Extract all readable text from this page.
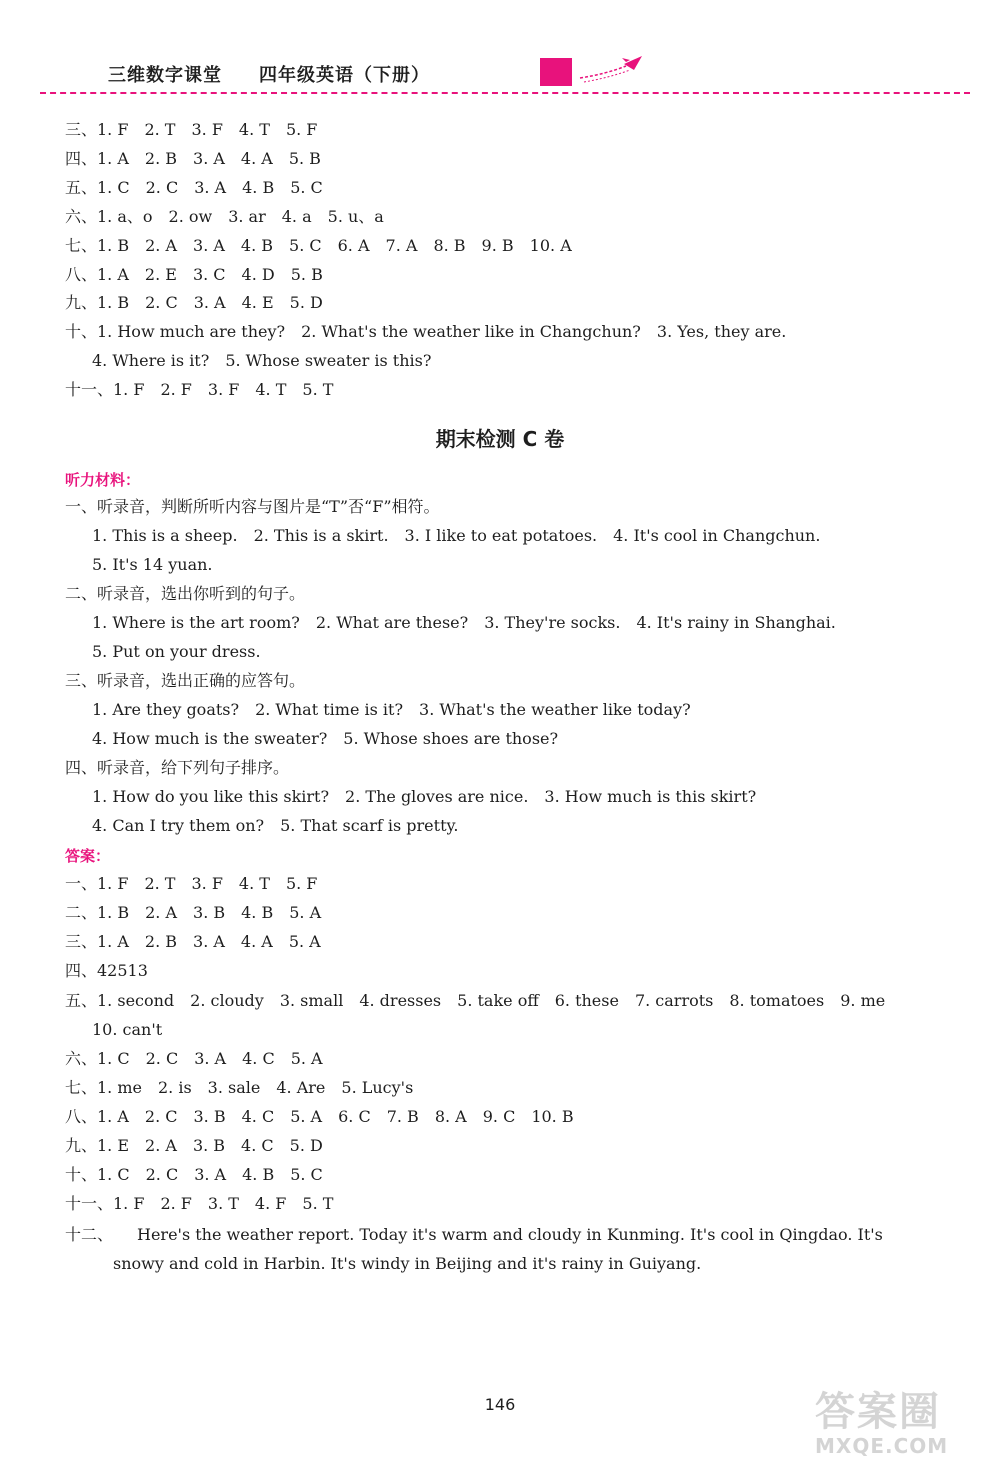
三维数字课堂 四年级英语（下册）
三、1. F　2. T　3. F　4. T　5. F
四、1. A　2. B　3. A　4. A　5. B
五、1. C　2. C　3. A　4. B　5. C
六、1. a、o　2. ow　3. ar　4. a　5. u、a
七、1. B　2. A　3. A　4. B　5. C　6. A　7. A　8. B　9. B　10. A
八、1. A　2. E　3. C　4. D　5. B
九、1. B　2. C　3. A　4. E　5. D
十、1. How much are they?　2. What's the weather like in Changchun?　3. Yes, they are.
4. Where is it?　5. Whose sweater is this?
十一、1. F　2. F　3. F　4. T　5. T
期末检测 C 卷
听力材料：
一、听录音，判断所听内容与图片是“T”否“F”相符。
1. This is a sheep.　2. This is a skirt.　3. I like to eat potatoes.　4. It's cool in Changchun.
5. It's 14 yuan.
二、听录音，选出你听到的句子。
1. Where is the art room?　2. What are these?　3. They're socks.　4. It's rainy in Shanghai.
5. Put on your dress.
三、听录音，选出正确的应答句。
1. Are they goats?　2. What time is it?　3. What's the weather like today?
4. How much is the sweater?　5. Whose shoes are those?
四、听录音，给下列句子排序。
1. How do you like this skirt?　2. The gloves are nice.　3. How much is this skirt?
4. Can I try them on?　5. That scarf is pretty.
答案：
一、1. F　2. T　3. F　4. T　5. F
二、1. B　2. A　3. B　4. B　5. A
三、1. A　2. B　3. A　4. A　5. A
四、42513
五、1. second　2. cloudy　3. small　4. dresses　5. take off　6. these　7. carrots　8. tomatoes　9. me
10. can't
六、1. C　2. C　3. A　4. C　5. A
七、1. me　2. is　3. sale　4. Are　5. Lucy's
八、1. A　2. C　3. B　4. C　5. A　6. C　7. B　8. A　9. C　10. B
九、1. E　2. A　3. B　4. C　5. D
十、1. C　2. C　3. A　4. B　5. C
十一、1. F　2. F　3. T　4. F　5. T
十二、　　Here's the weather report. Today it's warm and cloudy in Kunming. It's cool in Qingdao. It's
snowy and cold in Harbin. It's windy in Beijing and it's rainy in Guiyang.
146	答案圈
MXQE.COM
